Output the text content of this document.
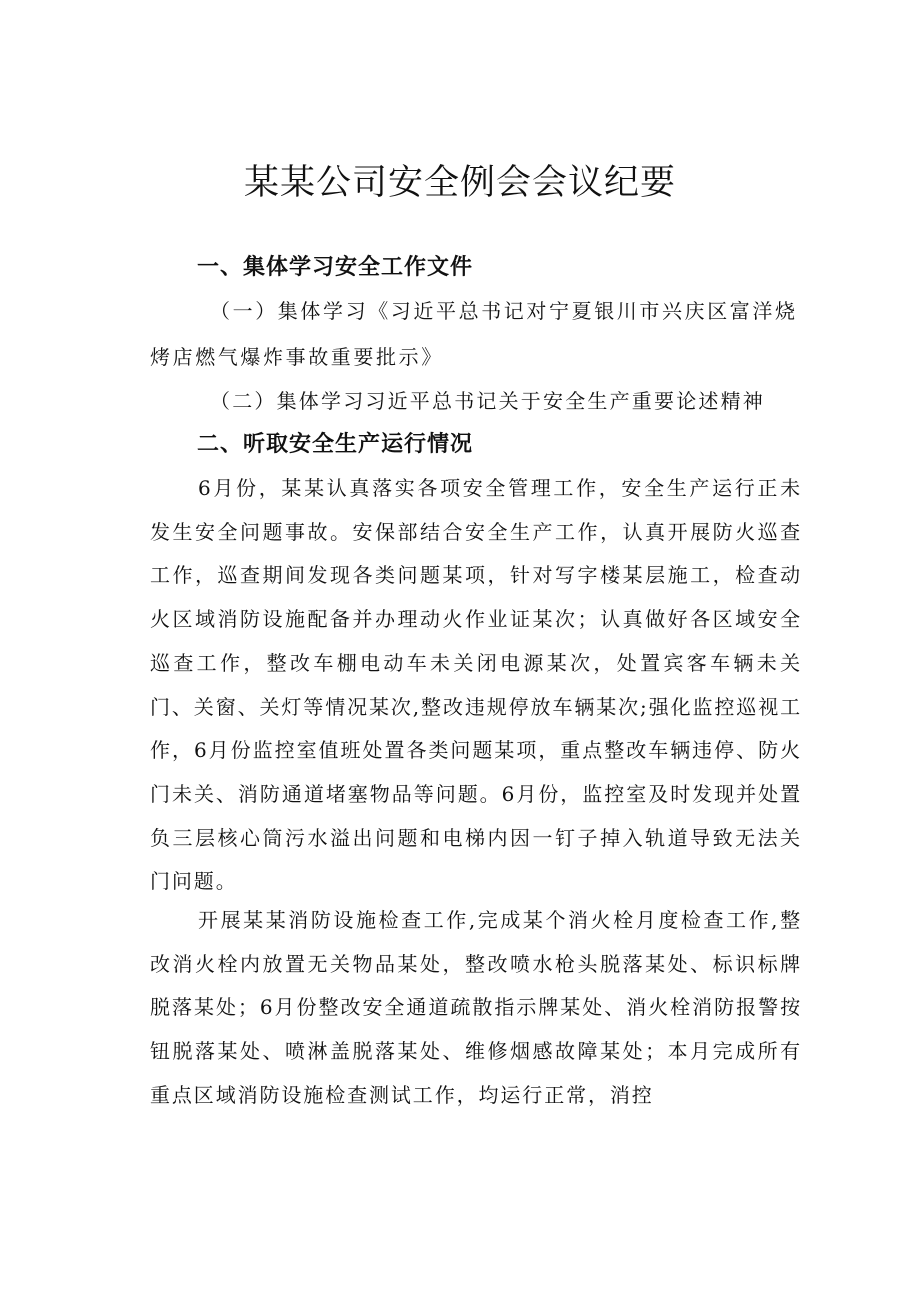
某某公司安全例会会议纪要
一、集体学习安全工作文件

（一）集体学习《习近平总书记对宁夏银川市兴庆区富洋烧烤店燃气爆炸事故重要批示》

（二）集体学习习近平总书记关于安全生产重要论述精神

二、听取安全生产运行情况

6月份，某某认真落实各项安全管理工作，安全生产运行正未发生安全问题事故。安保部结合安全生产工作，认真开展防火巡查工作，巡查期间发现各类问题某项，针对写字楼某层施工，检查动火区域消防设施配备并办理动火作业证某次；认真做好各区域安全巡查工作，整改车棚电动车未关闭电源某次，处置宾客车辆未关门、关窗、关灯等情况某次,整改违规停放车辆某次;强化监控巡视工作，6月份监控室值班处置各类问题某项，重点整改车辆违停、防火门未关、消防通道堵塞物品等问题。6月份，监控室及时发现并处置负三层核心筒污水溢出问题和电梯内因一钉子掉入轨道导致无法关门问题。

开展某某消防设施检查工作,完成某个消火栓月度检查工作,整改消火栓内放置无关物品某处，整改喷水枪头脱落某处、标识标牌脱落某处；6月份整改安全通道疏散指示牌某处、消火栓消防报警按钮脱落某处、喷淋盖脱落某处、维修烟感故障某处；本月完成所有重点区域消防设施检查测试工作，均运行正常，消控
